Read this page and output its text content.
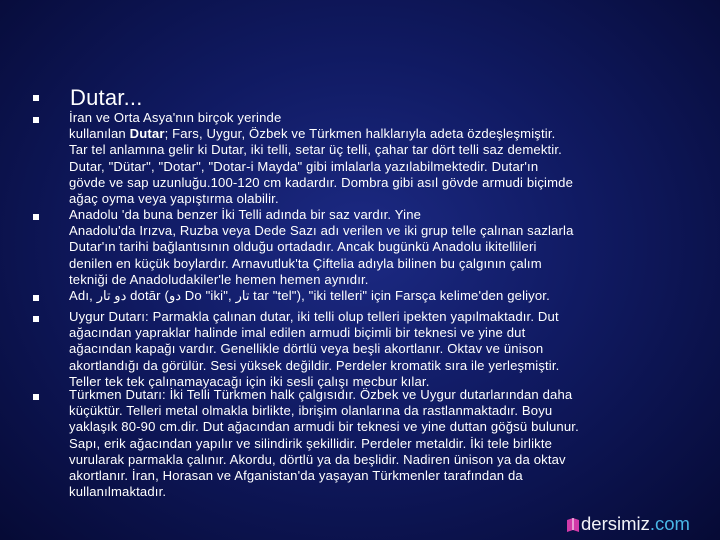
Dutar...
İran ve Orta Asya'nın birçok yerinde
kullanılan Dutar; Fars, Uygur, Özbek ve Türkmen halklarıyla adeta özdeşleşmiştir.
Tar tel anlamına gelir ki Dutar, iki telli, setar üç telli, çahar tar dört telli saz demektir.
Dutar, "Dütar", "Dotar", "Dotar-i Mayda" gibi imlalarla yazılabilmektedir. Dutar'ın
gövde ve sap uzunluğu.100-120 cm kadardır. Dombra gibi asıl gövde armudi biçimde
ağaç oyma veya yapıştırma olabilir.
Anadolu 'da buna benzer İki Telli adında bir saz vardır. Yine
Anadolu'da Irızva, Ruzba veya Dede Sazı adı verilen ve iki grup telle çalınan sazlarla
Dutar'ın tarihi bağlantısının olduğu ortadadır. Ancak bugünkü Anadolu ikitellileri
denilen en küçük boylardır. Arnavutluk'ta Çiftelia adıyla bilinen bu çalgının çalım
tekniği de Anadoludakiler'le hemen hemen aynıdır.
Adı, دو تار dotār (دو Do "iki", تار tar "tel"), "iki telleri" için Farsça kelime'den geliyor.
Uygur Dutarı: Parmakla çalınan dutar, iki telli olup telleri ipekten yapılmaktadır. Dut
ağacından yapraklar halinde imal edilen armudi biçimli bir teknesi ve yine dut
ağacından kapağı vardır. Genellikle dörtlü veya beşli akortlanır. Oktav ve ünison
akortlandığı da görülür. Sesi yüksek değildir. Perdeler kromatik sıra ile yerleşmiştir.
Teller tek tek çalınamayacağı için iki sesli çalışı mecbur kılar.
Türkmen Dutarı: İki Telli Türkmen halk çalgısıdır. Özbek ve Uygur dutarlarından daha
küçüktür. Telleri metal olmakla birlikte, ibrişim olanlarına da rastlanmaktadır. Boyu
yaklaşık 80-90 cm.dir. Dut ağacından armudi bir teknesi ve yine duttan göğsü bulunur.
Sapı, erik ağacından yapılır ve silindirik şekillidir. Perdeler metaldir. İki tele birlikte
vurularak parmakla çalınır. Akordu, dörtlü ya da beşlidir. Nadiren ünison ya da oktav
akortlanır. İran, Horasan ve Afganistan'da yaşayan Türkmenler tarafından da
kullanılmaktadır.
dersimiz.com
